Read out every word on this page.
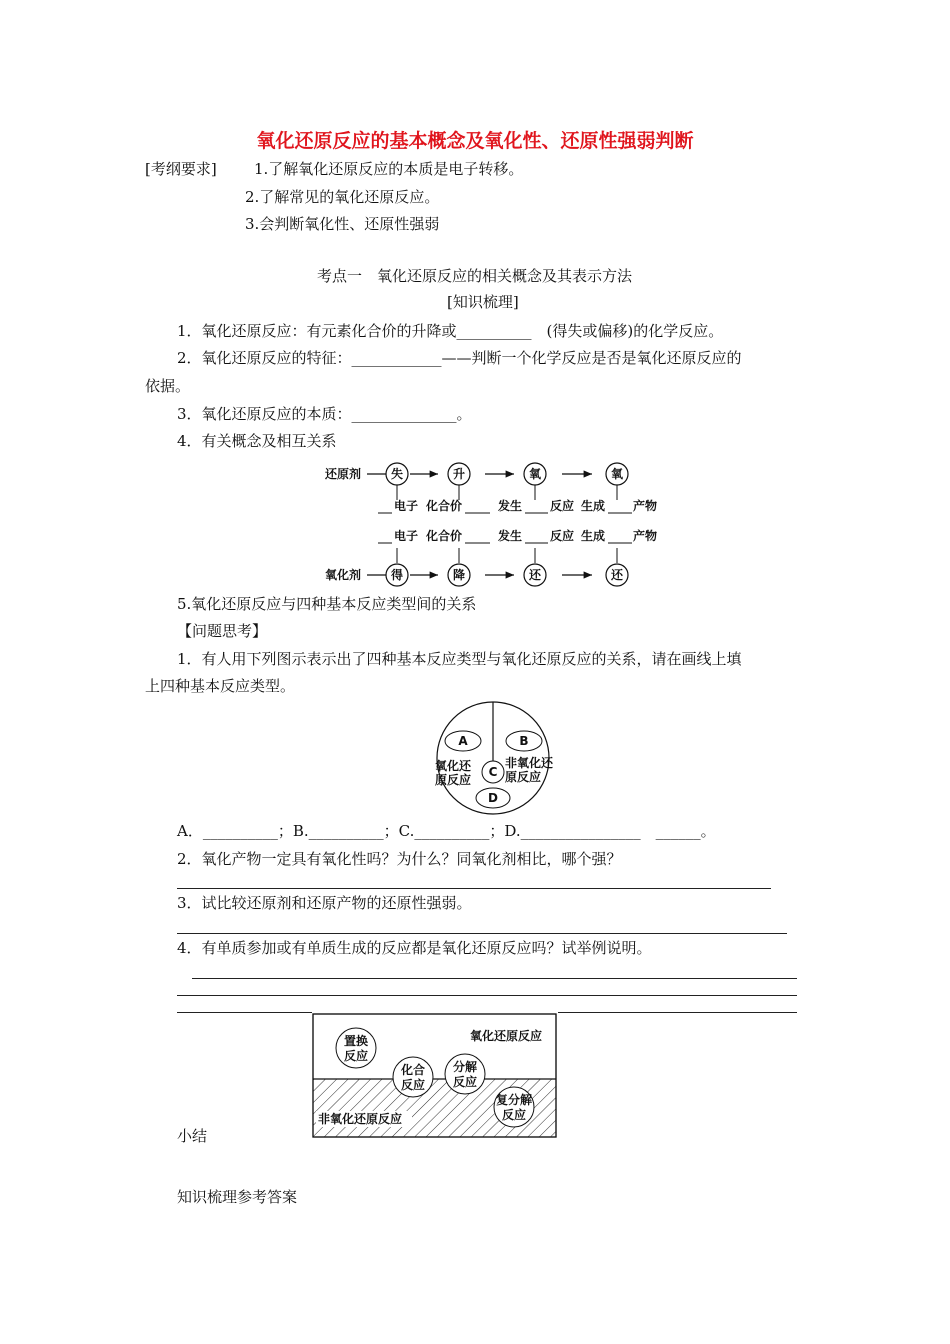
氧化还原反应的基本概念及氧化性、还原性强弱判断
[考纲要求] 1.了解氧化还原反应的本质是电子转移。
2.了解常见的氧化还原反应。
3.会判断氧化性、还原性强弱
考点一　氧化还原反应的相关概念及其表示方法
[知识梳理]
1．氧化还原反应：有元素化合价的升降或__________　(得失或偏移)的化学反应。
2．氧化还原反应的特征：____________——判断一个化学反应是否是氧化还原反应的
依据。
3．氧化还原反应的本质：______________。
4．有关概念及相互关系
还原剂 失	升	氧	氧
电子 化合价	发生 反应 生成 产物
电子 化合价	发生 反应 生成 产物
氧化剂 得	降	还	还
5.氧化还原反应与四种基本反应类型间的关系
【问题思考】
1．有人用下列图示表示出了四种基本反应类型与氧化还原反应的关系，请在画线上填
上四种基本反应类型。
A	B
C
D
氧化还
原反应
非氧化还
原反应
A．__________；B.__________；C.__________；D.________________　______。
2．氧化产物一定具有氧化性吗？为什么？同氧化剂相比，哪个强？
3．试比较还原剂和还原产物的还原性强弱。
4．有单质参加或有单质生成的反应都是氧化还原反应吗？试举例说明。
氧化还原反应
非氧化还原反应
置换
反应
化合
反应
分解
反应
复分解
反应
小结
知识梳理参考答案
